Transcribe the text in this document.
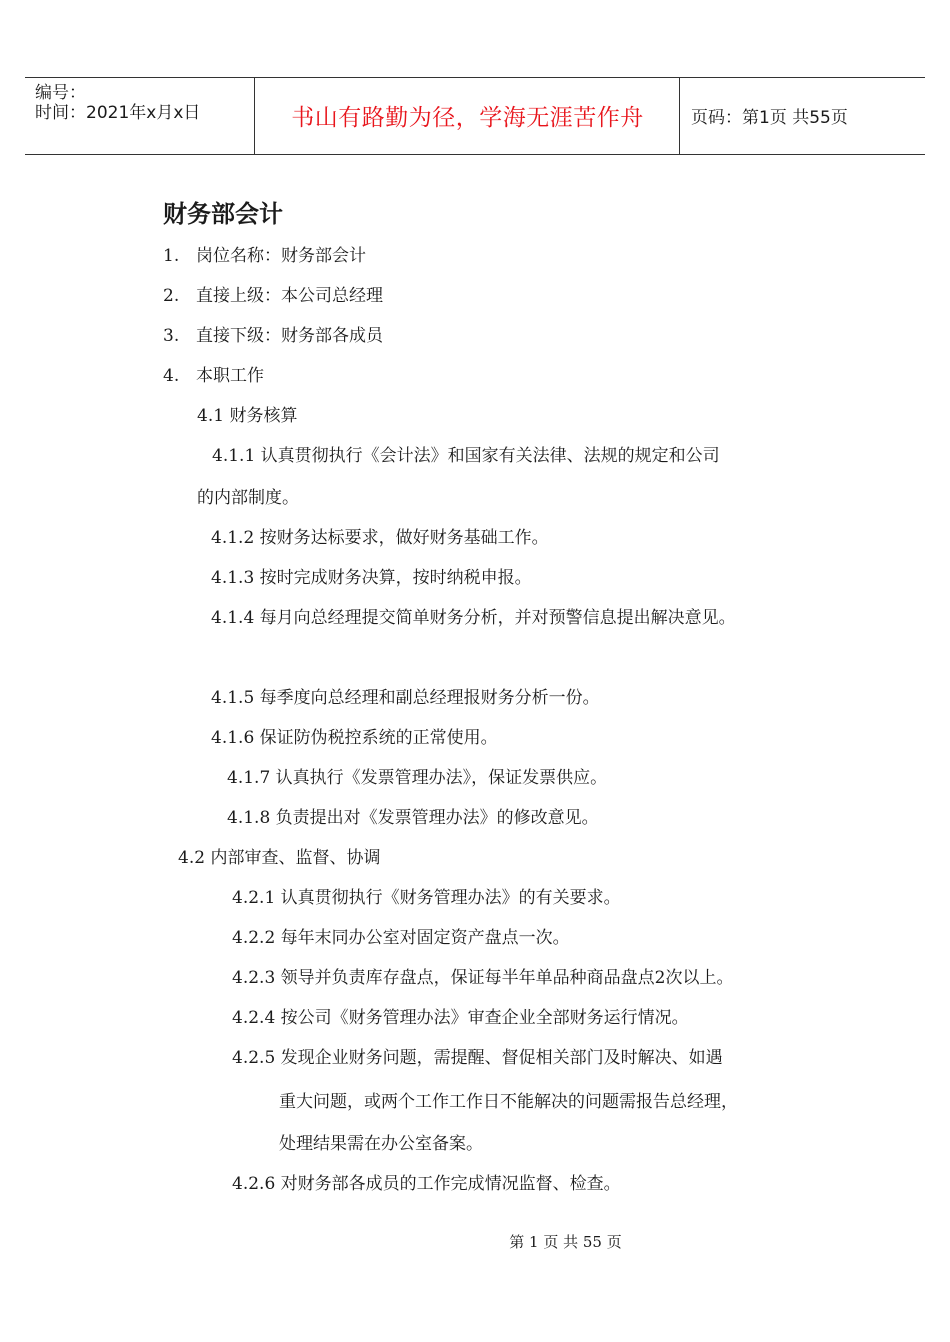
编号：
时间：2021年x月x日	书山有路勤为径，学海无涯苦作舟	页码：第1页 共55页
财务部会计
1. 岗位名称：财务部会计
2. 直接上级：本公司总经理
3. 直接下级：财务部各成员
4. 本职工作
4.1 财务核算
4.1.1 认真贯彻执行《会计法》和国家有关法律、法规的规定和公司
的内部制度。
4.1.2 按财务达标要求，做好财务基础工作。
4.1.3 按时完成财务决算，按时纳税申报。
4.1.4 每月向总经理提交简单财务分析，并对预警信息提出解决意见。
4.1.5 每季度向总经理和副总经理报财务分析一份。
4.1.6 保证防伪税控系统的正常使用。
4.1.7 认真执行《发票管理办法》，保证发票供应。
4.1.8 负责提出对《发票管理办法》的修改意见。
4.2 内部审查、监督、协调
4.2.1 认真贯彻执行《财务管理办法》的有关要求。
4.2.2 每年末同办公室对固定资产盘点一次。
4.2.3 领导并负责库存盘点，保证每半年单品种商品盘点2次以上。
4.2.4 按公司《财务管理办法》审查企业全部财务运行情况。
4.2.5 发现企业财务问题，需提醒、督促相关部门及时解决、如遇
重大问题，或两个工作工作日不能解决的问题需报告总经理，
处理结果需在办公室备案。
4.2.6 对财务部各成员的工作完成情况监督、检查。
第 1 页 共 55 页
